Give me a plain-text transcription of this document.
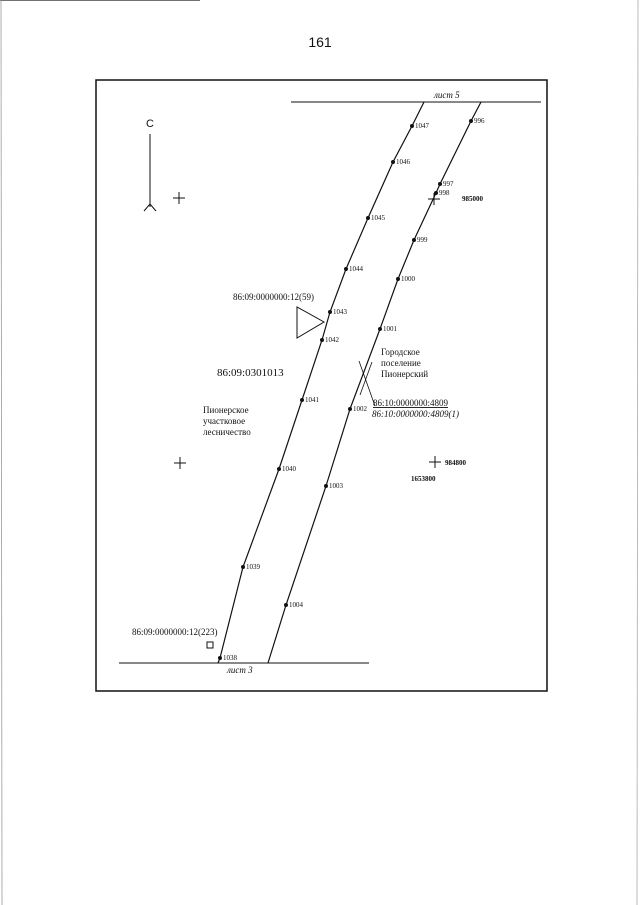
161
лист 5
лист 3
С
985000
984800
1653800
1047
1046
1045
1044
1043
1042
1041
1040
1039
1038
996
997
998
999
1000
1001
1002
1003
1004
86:09:0000000:12(59)
86:09:0000000:12(223)
86:09:0301013
86:10:0000000:4809
86:10:0000000:4809(1)
Пионерское
участковое
лесничество
Городское
поселение
Пионерский
